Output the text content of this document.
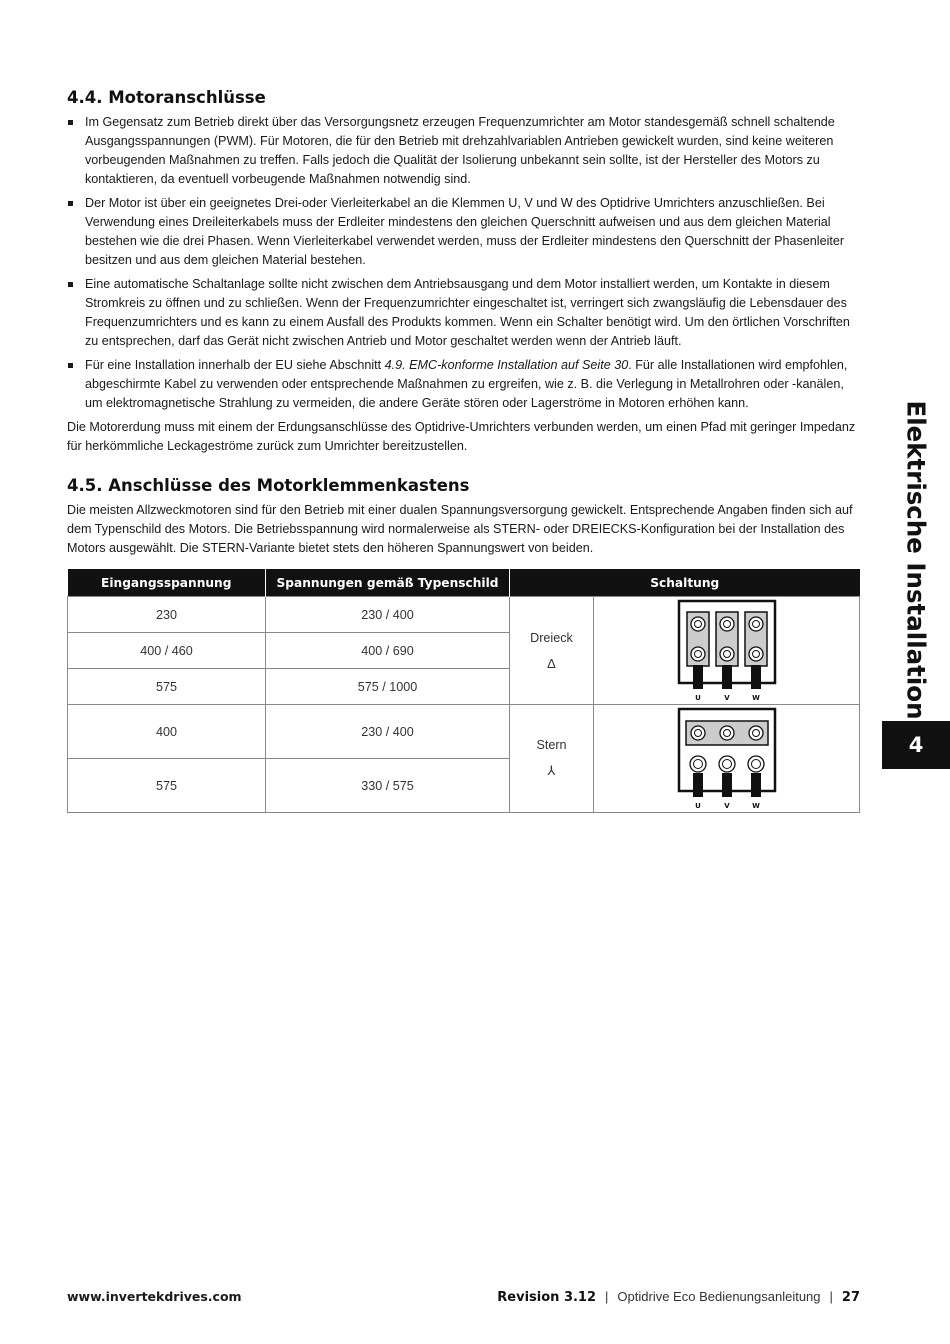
4.4. Motoranschlüsse
Im Gegensatz zum Betrieb direkt über das Versorgungsnetz erzeugen Frequenzumrichter am Motor standesgemäß schnell schaltende Ausgangsspannungen (PWM). Für Motoren, die für den Betrieb mit drehzahlvariablen Antrieben gewickelt wurden, sind keine weiteren vorbeugenden Maßnahmen zu treffen. Falls jedoch die Qualität der Isolierung unbekannt sein sollte, ist der Hersteller des Motors zu kontaktieren, da eventuell vorbeugende Maßnahmen notwendig sind.
Der Motor ist über ein geeignetes Drei-oder Vierleiterkabel an die Klemmen U, V und W des Optidrive Umrichters anzuschließen. Bei Verwendung eines Dreileiterkabels muss der Erdleiter mindestens den gleichen Querschnitt aufweisen und aus dem gleichen Material bestehen wie die drei Phasen. Wenn Vierleiterkabel verwendet werden, muss der Erdleiter mindestens den Querschnitt der Phasenleiter besitzen und aus dem gleichen Material bestehen.
Eine automatische Schaltanlage sollte nicht zwischen dem Antriebsausgang und dem Motor installiert werden, um Kontakte in diesem Stromkreis zu öffnen und zu schließen. Wenn der Frequenzumrichter eingeschaltet ist, verringert sich zwangsläufig die Lebensdauer des Frequenzumrichters und es kann zu einem Ausfall des Produkts kommen. Wenn ein Schalter benötigt wird. Um den örtlichen Vorschriften zu entsprechen, darf das Gerät nicht zwischen Antrieb und Motor geschaltet werden wenn der Antrieb läuft.
Für eine Installation innerhalb der EU siehe Abschnitt 4.9. EMC-konforme Installation auf Seite 30. Für alle Installationen wird empfohlen, abgeschirmte Kabel zu verwenden oder entsprechende Maßnahmen zu ergreifen, wie z. B. die Verlegung in Metallrohren oder -kanälen, um elektromagnetische Strahlung zu vermeiden, die andere Geräte stören oder Lagerströme in Motoren erhöhen kann.

Die Motorerdung muss mit einem der Erdungsanschlüsse des Optidrive-Umrichters verbunden werden, um einen Pfad mit geringer Impedanz für herkömmliche Leckageströme zurück zum Umrichter bereitzustellen.

4.5. Anschlüsse des Motorklemmenkastens

Die meisten Allzweckmotoren sind für den Betrieb mit einer dualen Spannungsversorgung gewickelt. Entsprechende Angaben finden sich auf dem Typenschild des Motors. Die Betriebsspannung wird normalerweise als STERN- oder DREIECKS-Konfiguration bei der Installation des Motors ausgewählt. Die STERN-Variante bietet stets den höheren Spannungswert von beiden.

Eingangsspannung	Spannungen gemäß Typenschild	Schaltung	
230	230 / 400	Dreieck
∆	U V W

400 / 460	400 / 690		
575	575 / 1000		
400	230 / 400	Stern
⅄	U V W

575	330 / 575		
Elektrische Installation
4
www.invertekdrives.com	Revision 3.12 | Optidrive Eco Bedienungsanleitung | 27
